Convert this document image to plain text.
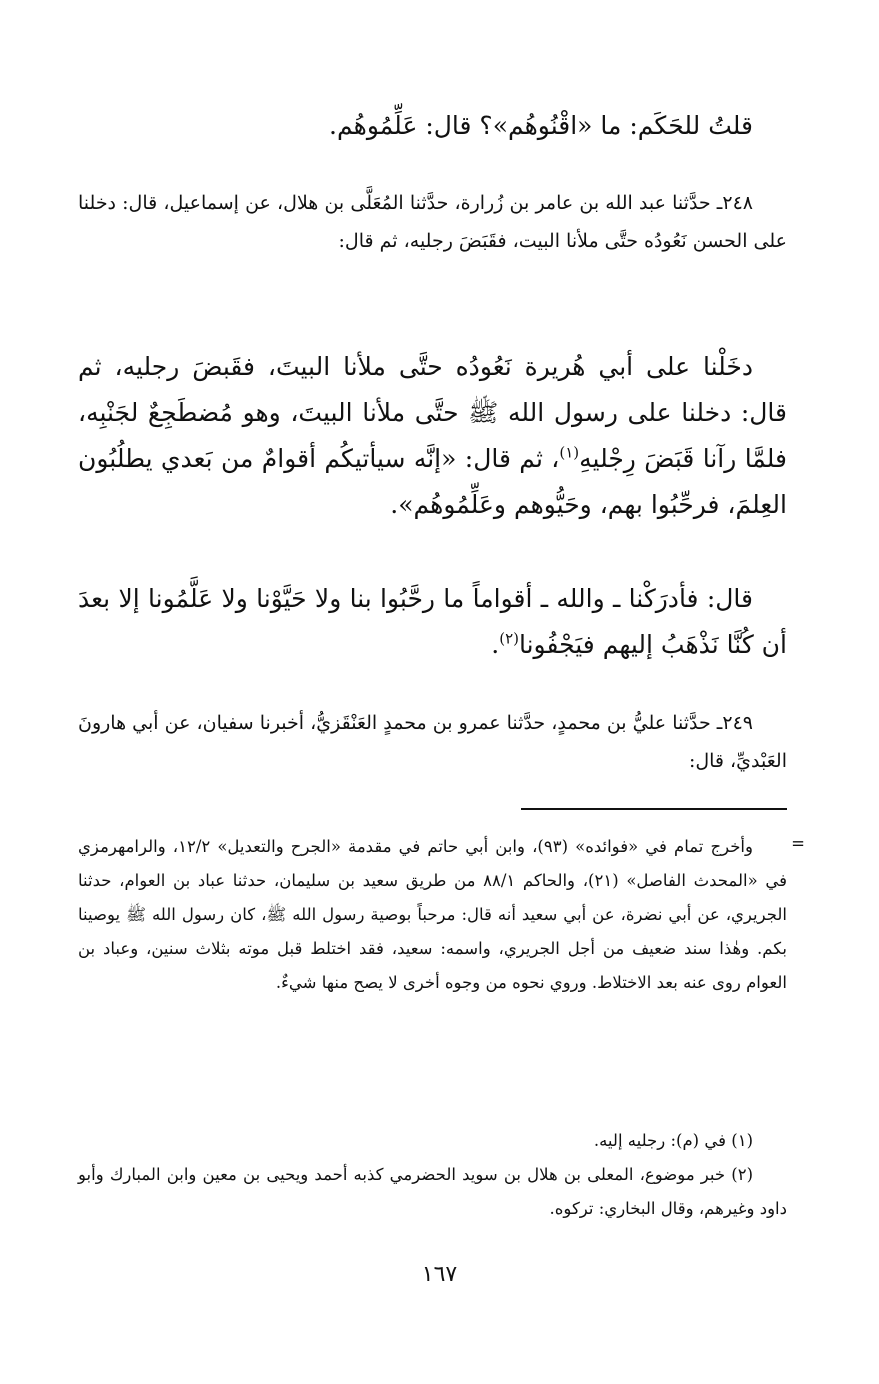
قلتُ للحَكَم: ما «اقْنُوهُم»؟ قال: عَلِّمُوهُم.

٢٤٨ـ حدَّثنا عبد الله بن عامر بن زُرارة، حدَّثنا المُعَلَّى بن هلال، عن إسماعيل، قال: دخلنا على الحسن نَعُودُه حتَّى ملأنا البيت، فقَبَضَ رجليه، ثم قال:

دخَلْنا على أبي هُريرة نَعُودُه حتَّى ملأنا البيتَ، فقَبضَ رجليه، ثم قال: دخلنا على رسول الله ﷺ حتَّى ملأنا البيتَ، وهو مُضطَجِعٌ لجَنْبِه، فلمَّا رآنا قَبَضَ رِجْليهِ$^{(١)}$، ثم قال: «إنَّه سيأتيكُم أقوامٌ من بَعدي يطلُبُون العِلمَ، فرحِّبُوا بهم، وحَيُّوهم وعَلِّمُوهُم».

قال: فأدرَكْنا ـ والله ـ أقواماً ما رحَّبُوا بنا ولا حَيَّوْنا ولا عَلَّمُونا إلا بعدَ أن كُنَّا نَذْهَبُ إليهم فيَجْفُونا$^{(٢)}$.

٢٤٩ـ حدَّثنا عليُّ بن محمدٍ، حدَّثنا عمرو بن محمدٍ العَنْقَزيُّ، أخبرنا سفيان، عن أبي هارونَ العَبْديِّ، قال:

=

وأخرج تمام في «فوائده» (٩٣)، وابن أبي حاتم في مقدمة «الجرح والتعديل» ١٢/٢، والرامهرمزي في «المحدث الفاصل» (٢١)، والحاكم ٨٨/١ من طريق سعيد بن سليمان، حدثنا عباد بن العوام، حدثنا الجريري، عن أبي نضرة، عن أبي سعيد أنه قال: مرحباً بوصية رسول الله ﷺ، كان رسول الله ﷺ يوصينا بكم. وهٰذا سند ضعيف من أجل الجريري، واسمه: سعيد، فقد اختلط قبل موته بثلاث سنين، وعباد بن العوام روى عنه بعد الاختلاط. وروي نحوه من وجوه أخرى لا يصح منها شيءٌ.

(١) في (م): رجليه إليه.

(٢) خبر موضوع، المعلى بن هلال بن سويد الحضرمي كذبه أحمد ويحيى بن معين وابن المبارك وأبو داود وغيرهم، وقال البخاري: تركوه.

١٦٧
